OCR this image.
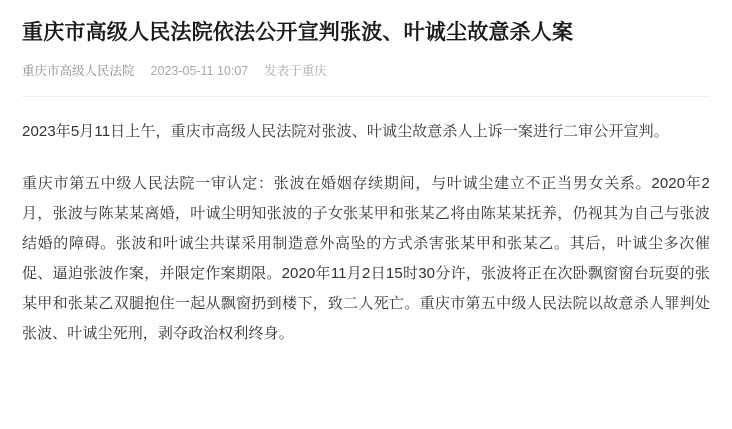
重庆市高级人民法院依法公开宣判张波、叶诚尘故意杀人案
重庆市高级人民法院 2023-05-11 10:07 发表于重庆

2023年5月11日上午，重庆市高级人民法院对张波、叶诚尘故意杀人上诉一案进行二审公开宣判。

重庆市第五中级人民法院一审认定：张波在婚姻存续期间，与叶诚尘建立不正当男女关系。2020年2月，张波与陈某某离婚，叶诚尘明知张波的子女张某甲和张某乙将由陈某某抚养，仍视其为自己与张波结婚的障碍。张波和叶诚尘共谋采用制造意外高坠的方式杀害张某甲和张某乙。其后，叶诚尘多次催促、逼迫张波作案，并限定作案期限。2020年11月2日15时30分许，张波将正在次卧飘窗窗台玩耍的张某甲和张某乙双腿抱住一起从飘窗扔到楼下，致二人死亡。重庆市第五中级人民法院以故意杀人罪判处张波、叶诚尘死刑，剥夺政治权利终身。
